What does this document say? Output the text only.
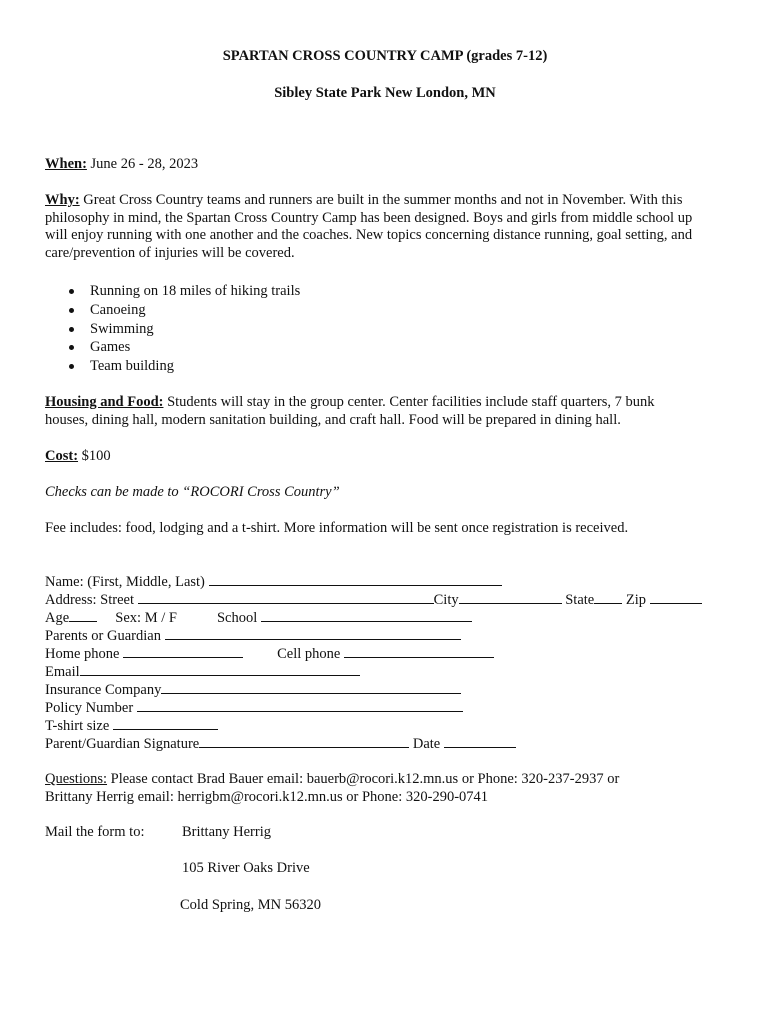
SPARTAN CROSS COUNTRY CAMP (grades 7-12)
Sibley State Park New London, MN
When: June 26 - 28, 2023
Why: Great Cross Country teams and runners are built in the summer months and not in November. With this
philosophy in mind, the Spartan Cross Country Camp has been designed. Boys and girls from middle school up
will enjoy running with one another and the coaches. New topics concerning distance running, goal setting, and
care/prevention of injuries will be covered.
Running on 18 miles of hiking trails
Canoeing
Swimming
Games
Team building
Housing and Food: Students will stay in the group center. Center facilities include staff quarters, 7 bunk
houses, dining hall, modern sanitation building, and craft hall. Food will be prepared in dining hall.
Cost: $100
Checks can be made to “ROCORI Cross Country”
Fee includes: food, lodging and a t-shirt. More information will be sent once registration is received.
Name: (First, Middle, Last)
Address: Street	City	State Zip
Age     Sex: M / F	School
Parents or Guardian
Home phone	Cell phone
Email
Insurance Company
Policy Number
T-shirt size
Parent/Guardian Signature	Date
Questions: Please contact Brad Bauer email: bauerb@rocori.k12.mn.us or Phone: 320-237-2937 or
Brittany Herrig email: herrigbm@rocori.k12.mn.us or Phone: 320-290-0741
Mail the form to:	Brittany Herrig
105 River Oaks Drive
Cold Spring, MN 56320
